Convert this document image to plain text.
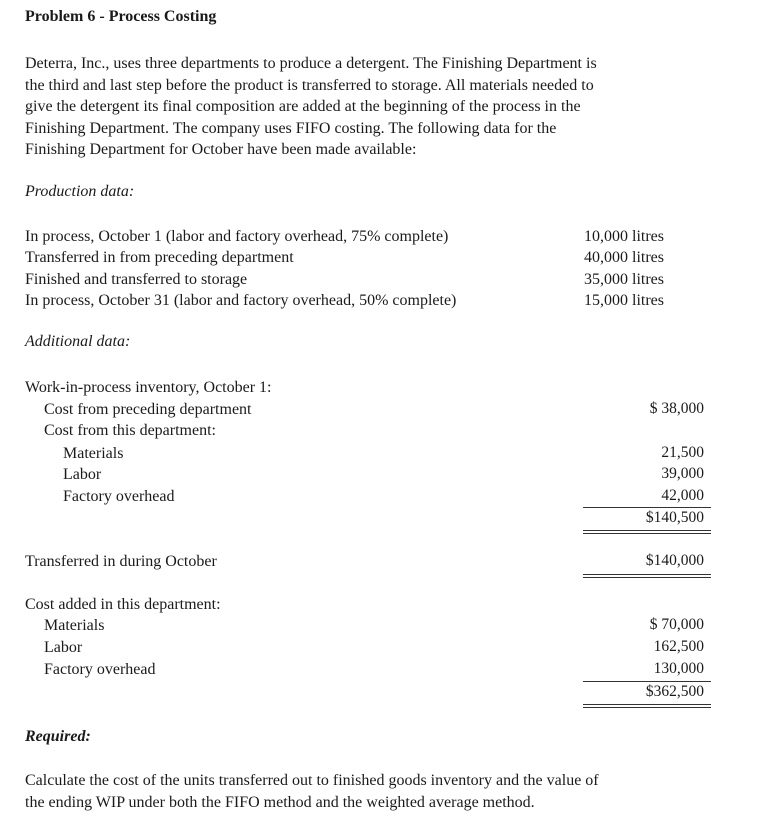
Problem 6 - Process Costing
Deterra, Inc., uses three departments to produce a detergent. The Finishing Department is
the third and last step before the product is transferred to storage. All materials needed to
give the detergent its final composition are added at the beginning of the process in the
Finishing Department. The company uses FIFO costing. The following data for the
Finishing Department for October have been made available:
Production data:
In process, October 1 (labor and factory overhead, 75% complete)
Transferred in from preceding department
Finished and transferred to storage
In process, October 31 (labor and factory overhead, 50% complete)
10,000 litres
40,000 litres
35,000 litres
15,000 litres
Additional data:
Work-in-process inventory, October 1:
Cost from preceding department	$ 38,000
Cost from this department:
Materials
Labor
Factory overhead
21,500
39,000
42,000
$140,500
Transferred in during October	$140,000
Cost added in this department:
Materials
Labor
Factory overhead
$ 70,000
162,500
130,000
$362,500
Required:
Calculate the cost of the units transferred out to finished goods inventory and the value of
the ending WIP under both the FIFO method and the weighted average method.
